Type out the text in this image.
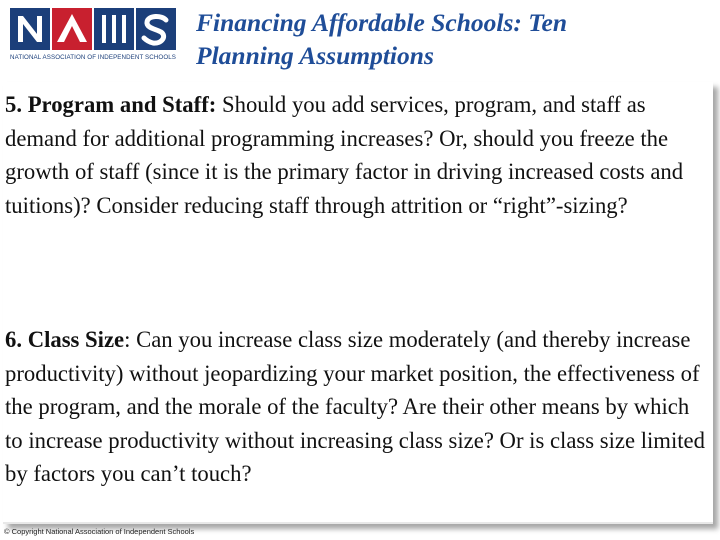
NATIONAL ASSOCIATION OF INDEPENDENT SCHOOLS
Financing Affordable Schools: Ten
Planning Assumptions

5. Program and Staff: Should you add services, program, and staff as demand for additional programming increases? Or, should you freeze the growth of staff (since it is the primary factor in driving increased costs and tuitions)? Consider reducing staff through attrition or “right”-sizing?

6. Class Size: Can you increase class size moderately (and thereby increase productivity) without jeopardizing your market position, the effectiveness of the program, and the morale of the faculty? Are their other means by which to increase productivity without increasing class size? Or is class size limited by factors you can’t touch?

© Copyright National Association of Independent Schools
